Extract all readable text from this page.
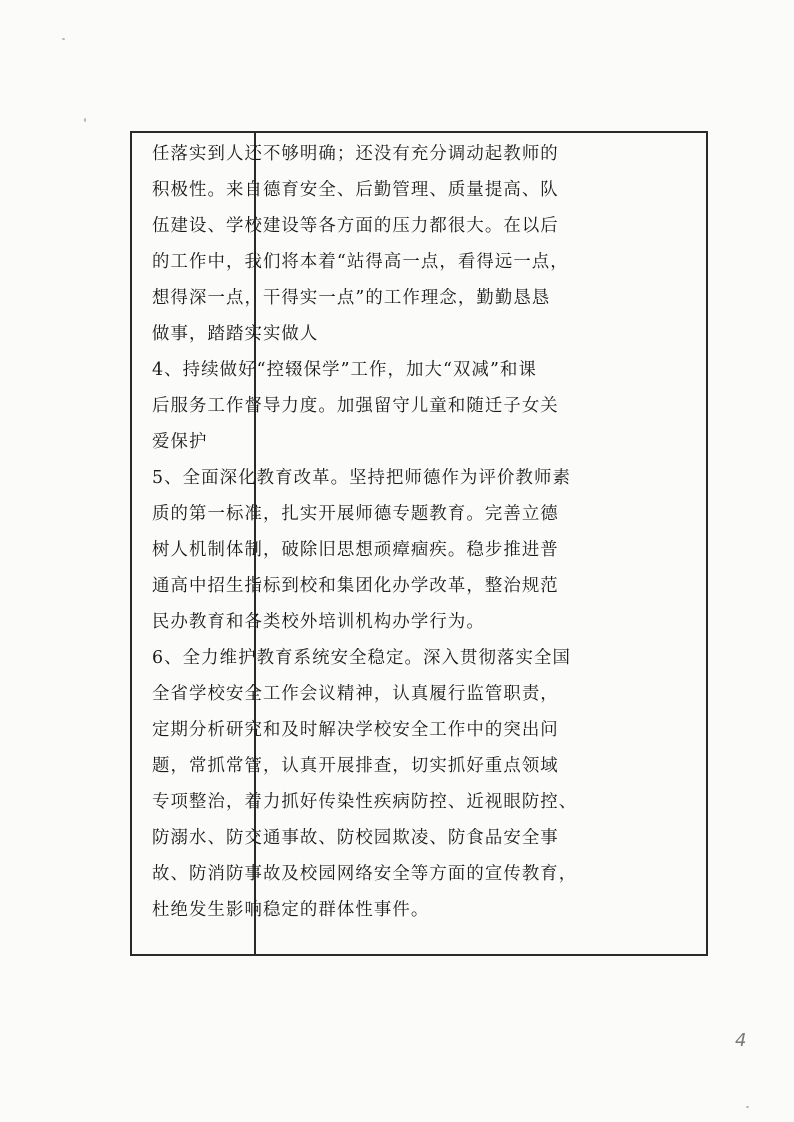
任落实到人还不够明确；还没有充分调动起教师的
积极性。来自德育安全、后勤管理、质量提高、队
伍建设、学校建设等各方面的压力都很大。在以后
的工作中，我们将本着“站得高一点，看得远一点，
想得深一点，干得实一点”的工作理念，勤勤恳恳
做事，踏踏实实做人
4、持续做好“控辍保学”工作，加大“双减”和课
后服务工作督导力度。加强留守儿童和随迁子女关
爱保护
5、全面深化教育改革。坚持把师德作为评价教师素
质的第一标准，扎实开展师德专题教育。完善立德
树人机制体制，破除旧思想顽瘴痼疾。稳步推进普
通高中招生指标到校和集团化办学改革，整治规范
民办教育和各类校外培训机构办学行为。
6、全力维护教育系统安全稳定。深入贯彻落实全国
全省学校安全工作会议精神，认真履行监管职责，
定期分析研究和及时解决学校安全工作中的突出问
题，常抓常管，认真开展排查，切实抓好重点领域
专项整治，着力抓好传染性疾病防控、近视眼防控、
防溺水、防交通事故、防校园欺凌、防食品安全事
故、防消防事故及校园网络安全等方面的宣传教育，
杜绝发生影响稳定的群体性事件。
4
